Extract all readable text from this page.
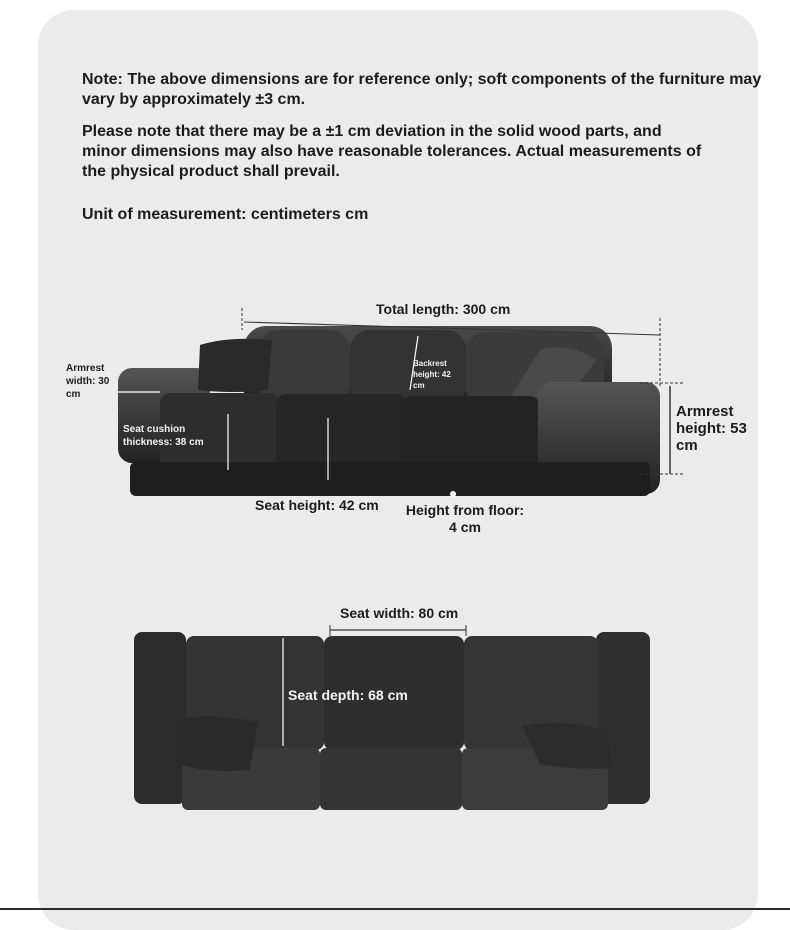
Note: The above dimensions are for reference only; soft components of the furniture may vary by approximately ±3 cm.

Please note that there may be a ±1 cm deviation in the solid wood parts, and minor dimensions may also have reasonable tolerances. Actual measurements of the physical product shall prevail.

Unit of measurement: centimeters cm

Total length: 300 cm

Armrest width: 30 cm

Backrest height: 42 cm

Seat cushion thickness: 38 cm

Armrest height: 53 cm

Seat height: 42 cm Height from floor: 4 cm

Seat width: 80 cm

Seat depth: 68 cm
